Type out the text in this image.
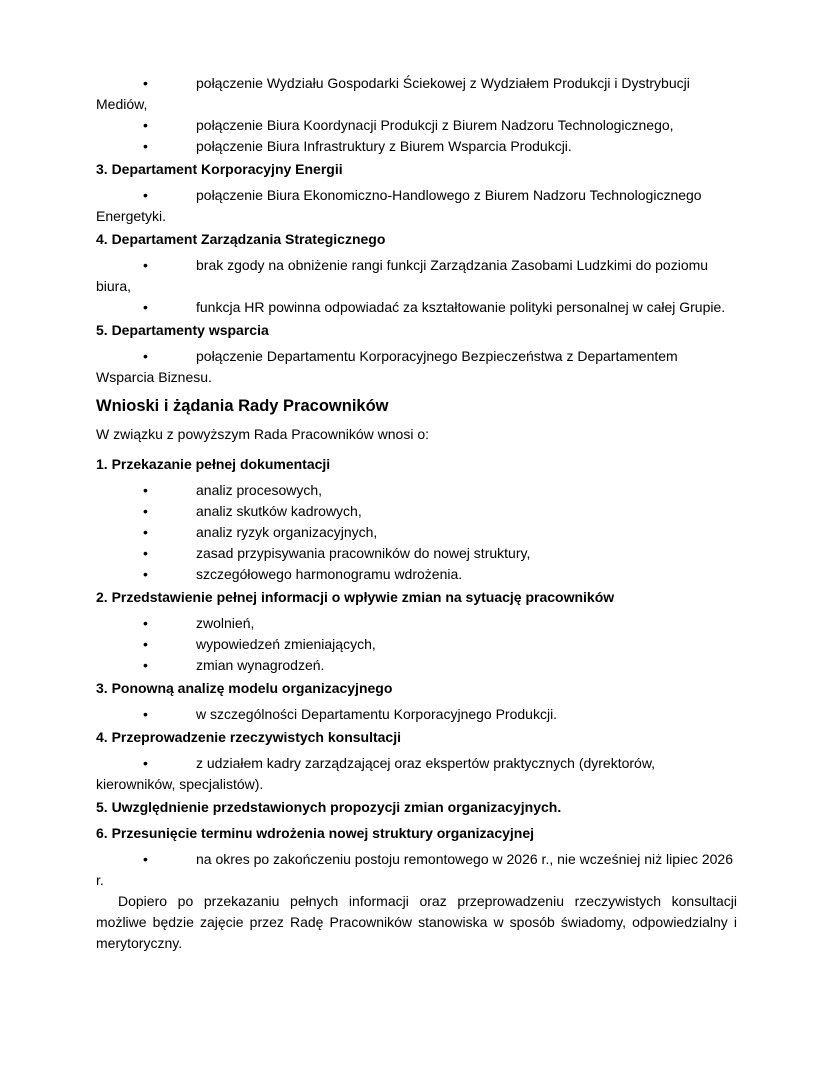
•	połączenie Wydziału Gospodarki Ściekowej z Wydziałem Produkcji i Dystrybucji Mediów,

•	połączenie Biura Koordynacji Produkcji z Biurem Nadzoru Technologicznego,

•	połączenie Biura Infrastruktury z Biurem Wsparcia Produkcji.

3. Departament Korporacyjny Energii

•	połączenie Biura Ekonomiczno-Handlowego z Biurem Nadzoru Technologicznego Energetyki.

4. Departament Zarządzania Strategicznego

•	brak zgody na obniżenie rangi funkcji Zarządzania Zasobami Ludzkimi do poziomu biura,

•	funkcja HR powinna odpowiadać za kształtowanie polityki personalnej w całej Grupie.

5. Departamenty wsparcia

•	połączenie Departamentu Korporacyjnego Bezpieczeństwa z Departamentem Wsparcia Biznesu.

Wnioski i żądania Rady Pracowników

W związku z powyższym Rada Pracowników wnosi o:

1. Przekazanie pełnej dokumentacji

•	analiz procesowych,

•	analiz skutków kadrowych,

•	analiz ryzyk organizacyjnych,

•	zasad przypisywania pracowników do nowej struktury,

•	szczegółowego harmonogramu wdrożenia.

2. Przedstawienie pełnej informacji o wpływie zmian na sytuację pracowników

•	zwolnień,

•	wypowiedzeń zmieniających,

•	zmian wynagrodzeń.

3. Ponowną analizę modelu organizacyjnego

•	w szczególności Departamentu Korporacyjnego Produkcji.

4. Przeprowadzenie rzeczywistych konsultacji

•	z udziałem kadry zarządzającej oraz ekspertów praktycznych (dyrektorów, kierowników, specjalistów).

5. Uwzględnienie przedstawionych propozycji zmian organizacyjnych.

6. Przesunięcie terminu wdrożenia nowej struktury organizacyjnej

•	na okres po zakończeniu postoju remontowego w 2026 r., nie wcześniej niż lipiec 2026 r.

Dopiero po przekazaniu pełnych informacji oraz przeprowadzeniu rzeczywistych konsultacji możliwe będzie zajęcie przez Radę Pracowników stanowiska w sposób świadomy, odpowiedzialny i merytoryczny.
